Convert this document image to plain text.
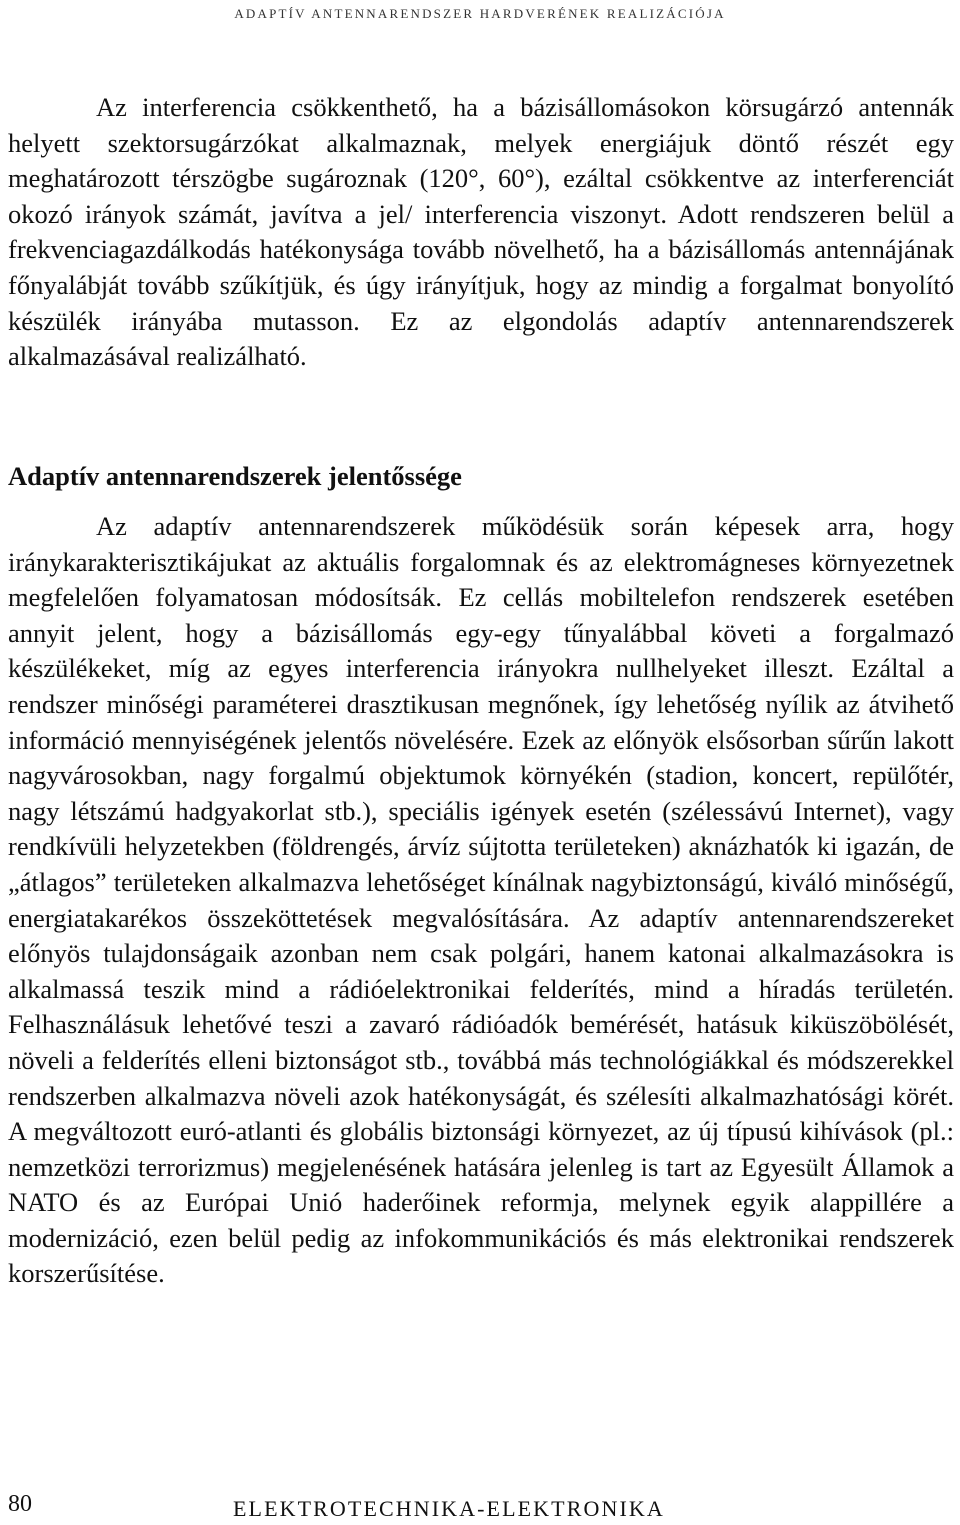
ADAPTÍV ANTENNARENDSZER HARDVERÉNEK REALIZÁCIÓJA

Az interferencia csökkenthető, ha a bázisállomásokon körsugárzó antennák helyett szektorsugárzókat alkalmaznak, melyek energiájuk döntő részét egy meghatározott térszögbe sugároznak (120°, 60°), ezáltal csökkentve az interferenciát okozó irányok számát, javítva a jel/ interferencia viszonyt. Adott rendszeren belül a frekvenciagazdálkodás hatékonysága tovább növelhető, ha a bázisállomás antennájának főnyalábját tovább szűkítjük, és úgy irányítjuk, hogy az mindig a forgalmat bonyolító készülék irányába mutasson. Ez az elgondolás adaptív antennarendszerek alkalmazásával realizálható.

Adaptív antennarendszerek jelentőssége

Az adaptív antennarendszerek működésük során képesek arra, hogy iránykarakterisztikájukat az aktuális forgalomnak és az elektromágneses környezetnek megfelelően folyamatosan módosítsák. Ez cellás mobiltelefon rendszerek esetében annyit jelent, hogy a bázisállomás egy-egy tűnyalábbal követi a forgalmazó készülékeket, míg az egyes interferencia irányokra nullhelyeket illeszt. Ezáltal a rendszer minőségi paraméterei drasztikusan megnőnek, így lehetőség nyílik az átvihető információ mennyiségének jelentős növelésére. Ezek az előnyök elsősorban sűrűn lakott nagyvárosokban, nagy forgalmú objektumok környékén (stadion, koncert, repülőtér, nagy létszámú hadgyakorlat stb.), speciális igények esetén (szélessávú Internet), vagy rendkívüli helyzetekben (földrengés, árvíz sújtotta területeken) aknázhatók ki igazán, de „átlagos” területeken alkalmazva lehetőséget kínálnak nagybiztonságú, kiváló minőségű, energiatakarékos összeköttetések megvalósítására. Az adaptív antennarendszereket előnyös tulajdonságaik azonban nem csak polgári, hanem katonai alkalmazásokra is alkalmassá teszik mind a rádióelektronikai felderítés, mind a híradás területén. Felhasználásuk lehetővé teszi a zavaró rádióadók bemérését, hatásuk kiküszöbölését, növeli a felderítés elleni biztonságot stb., továbbá más technológiákkal és módszerekkel rendszerben alkalmazva növeli azok hatékonyságát, és szélesíti alkalmazhatósági körét. A megváltozott euró-atlanti és globális biztonsági környezet, az új típusú kihívások (pl.: nemzetközi terrorizmus) megjelenésének hatására jelenleg is tart az Egyesült Államok a NATO és az Európai Unió haderőinek reformja, melynek egyik alappillére a modernizáció, ezen belül pedig az infokommunikációs és más elektronikai rendszerek korszerűsítése.

80	ELEKTROTECHNIKA-ELEKTRONIKA
